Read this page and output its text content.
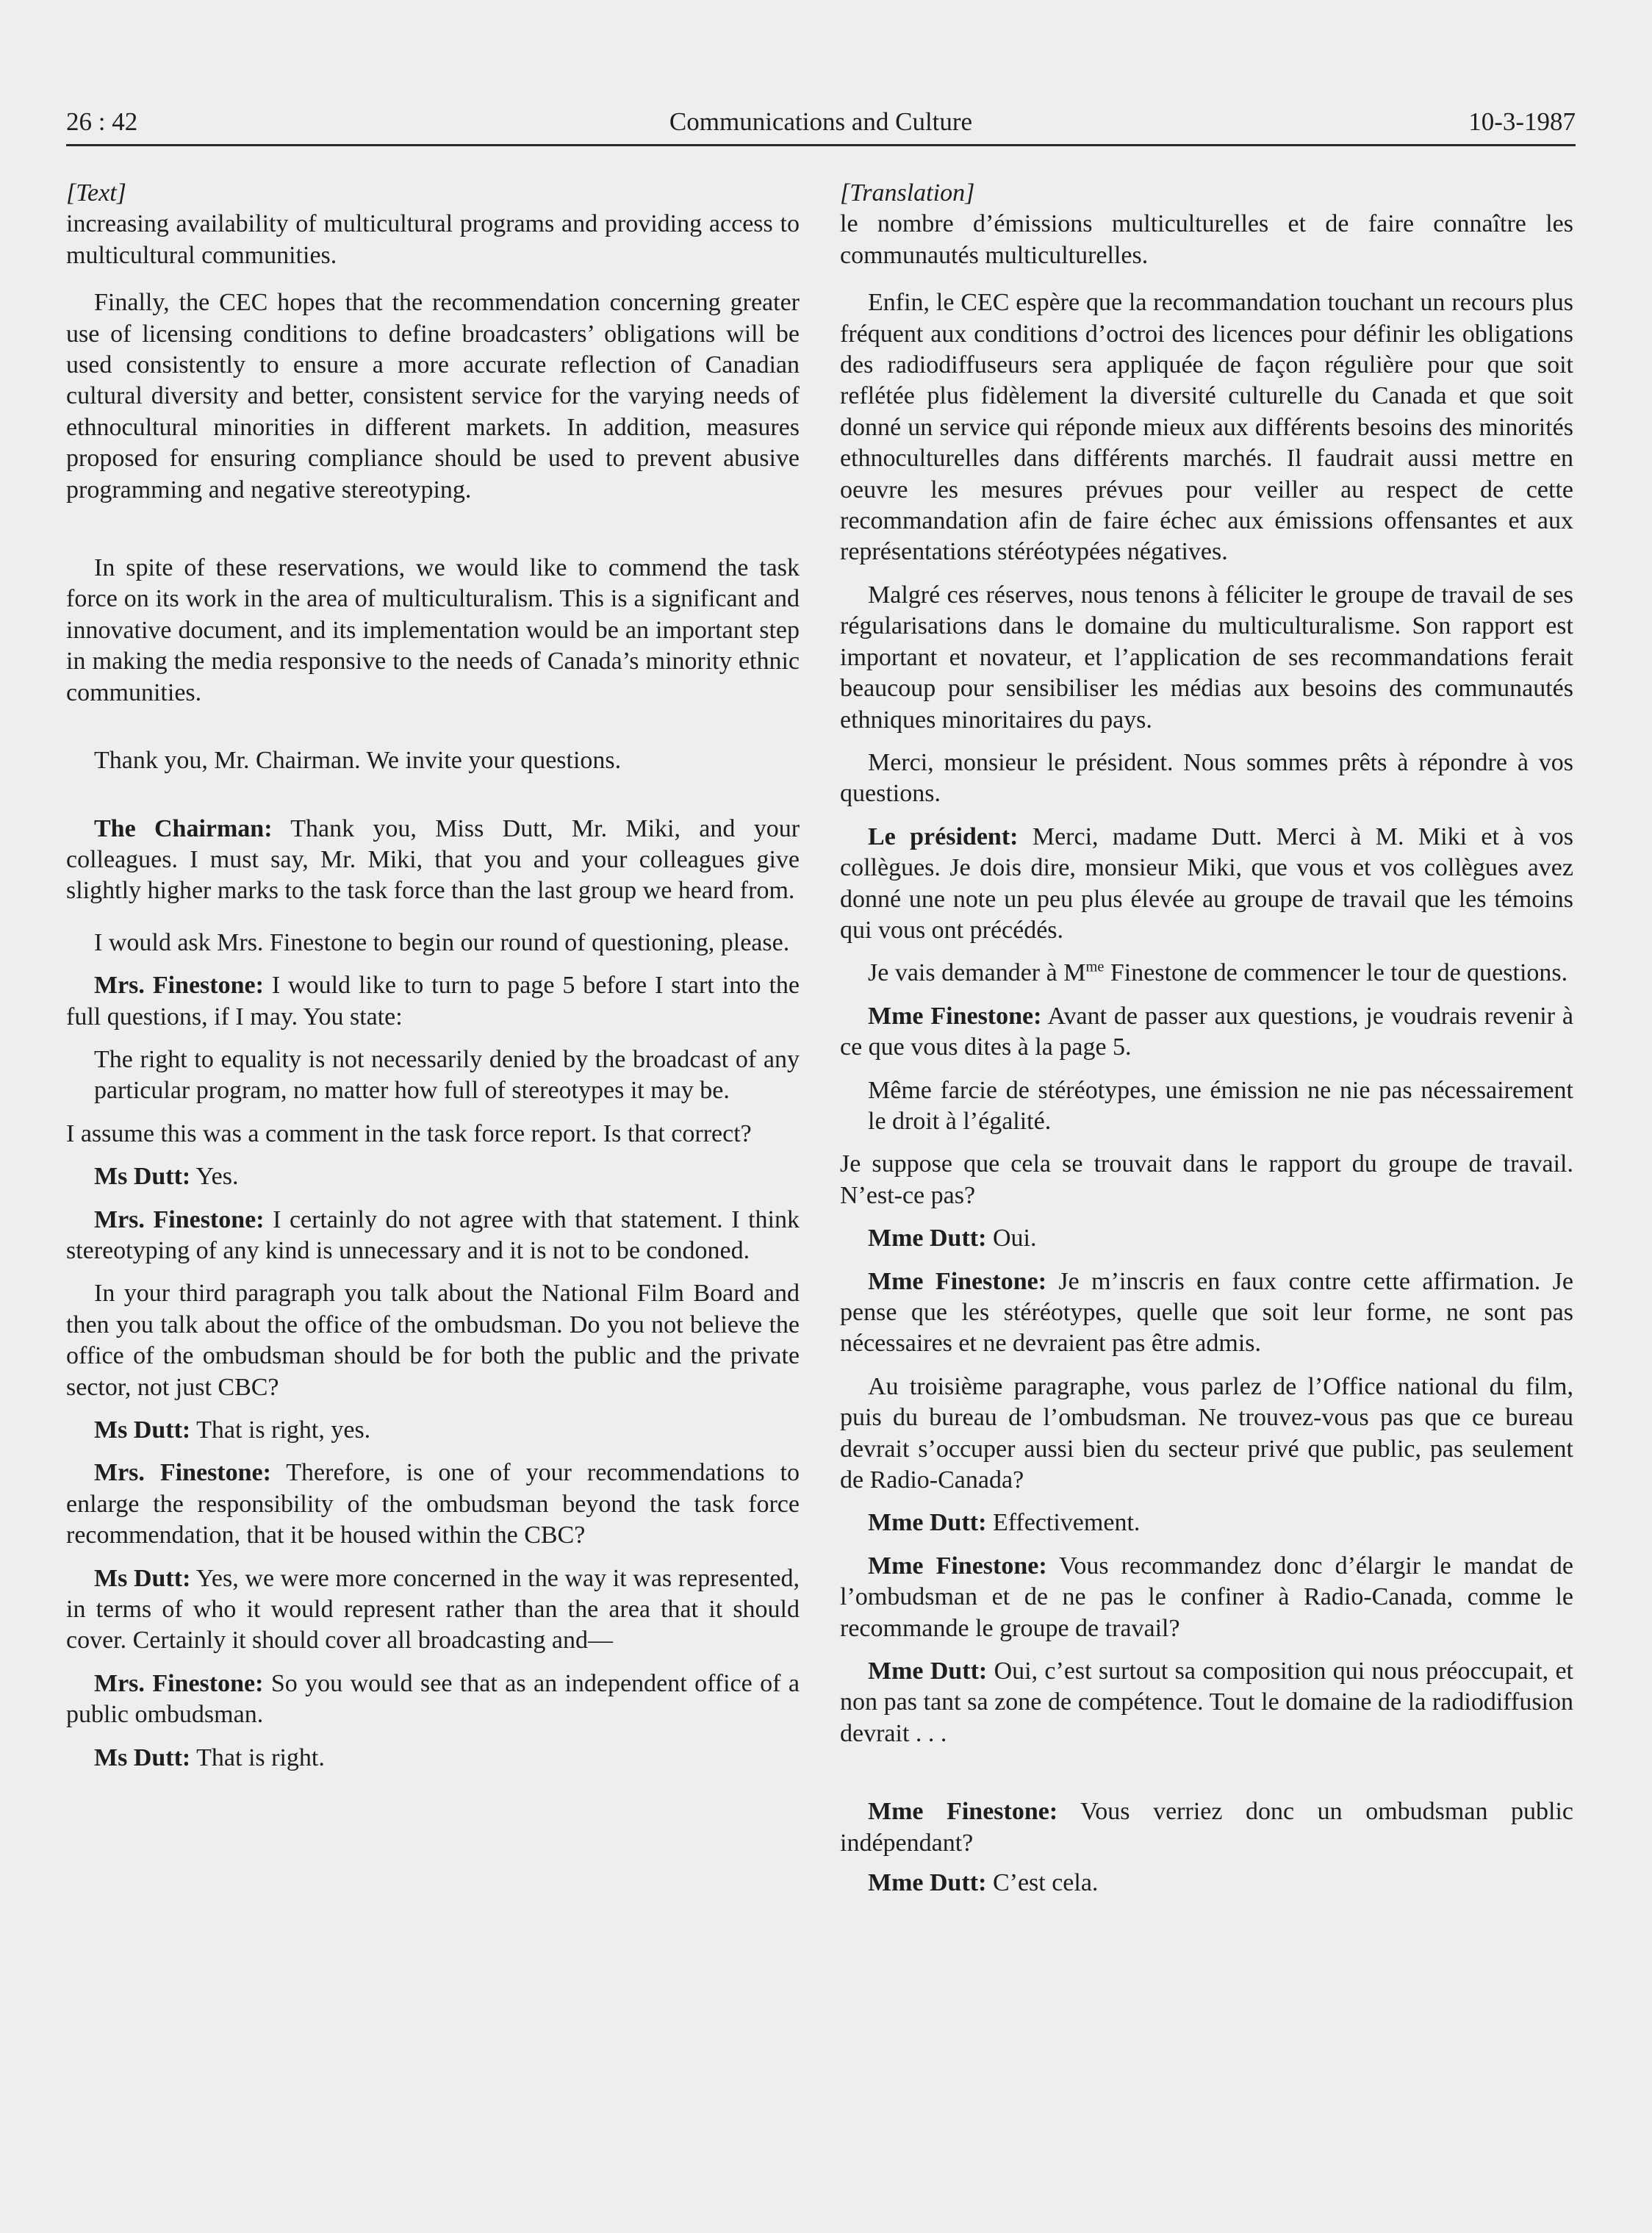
26 : 42	Communications and Culture	10-3-1987

[Text]

increasing availability of multicultural programs and providing access to multicultural communities.

Finally, the CEC hopes that the recommendation concerning greater use of licensing conditions to define broadcasters’ obligations will be used consistently to ensure a more accurate reflection of Canadian cultural diversity and better, consistent service for the varying needs of ethnocultural minorities in different markets. In addition, measures proposed for ensuring compliance should be used to prevent abusive programming and negative stereotyping.

In spite of these reservations, we would like to commend the task force on its work in the area of multiculturalism. This is a significant and innovative document, and its implementation would be an important step in making the media responsive to the needs of Canada’s minority ethnic communities.

Thank you, Mr. Chairman. We invite your questions.

The Chairman: Thank you, Miss Dutt, Mr. Miki, and your colleagues. I must say, Mr. Miki, that you and your colleagues give slightly higher marks to the task force than the last group we heard from.

I would ask Mrs. Finestone to begin our round of questioning, please.

Mrs. Finestone: I would like to turn to page 5 before I start into the full questions, if I may. You state:

The right to equality is not necessarily denied by the broadcast of any particular program, no matter how full of stereotypes it may be.

I assume this was a comment in the task force report. Is that correct?

Ms Dutt: Yes.

Mrs. Finestone: I certainly do not agree with that statement. I think stereotyping of any kind is unnecessary and it is not to be condoned.

In your third paragraph you talk about the National Film Board and then you talk about the office of the ombudsman. Do you not believe the office of the ombudsman should be for both the public and the private sector, not just CBC?

Ms Dutt: That is right, yes.

Mrs. Finestone: Therefore, is one of your recommendations to enlarge the responsibility of the ombudsman beyond the task force recommendation, that it be housed within the CBC?

Ms Dutt: Yes, we were more concerned in the way it was represented, in terms of who it would represent rather than the area that it should cover. Certainly it should cover all broadcasting and—

Mrs. Finestone: So you would see that as an independent office of a public ombudsman.

Ms Dutt: That is right.

[Translation]

le nombre d’émissions multiculturelles et de faire connaître les communautés multiculturelles.

Enfin, le CEC espère que la recommandation touchant un recours plus fréquent aux conditions d’octroi des licences pour définir les obligations des radiodiffuseurs sera appliquée de façon régulière pour que soit reflétée plus fidèlement la diversité culturelle du Canada et que soit donné un service qui réponde mieux aux différents besoins des minorités ethnoculturelles dans différents marchés. Il faudrait aussi mettre en oeuvre les mesures prévues pour veiller au respect de cette recommandation afin de faire échec aux émissions offensantes et aux représentations stéréotypées négatives.

Malgré ces réserves, nous tenons à féliciter le groupe de travail de ses régularisations dans le domaine du multiculturalisme. Son rapport est important et novateur, et l’application de ses recommandations ferait beaucoup pour sensibiliser les médias aux besoins des communautés ethniques minoritaires du pays.

Merci, monsieur le président. Nous sommes prêts à répondre à vos questions.

Le président: Merci, madame Dutt. Merci à M. Miki et à vos collègues. Je dois dire, monsieur Miki, que vous et vos collègues avez donné une note un peu plus élevée au groupe de travail que les témoins qui vous ont précédés.

Je vais demander à $M^{me}$ Finestone de commencer le tour de questions.

Mme Finestone: Avant de passer aux questions, je voudrais revenir à ce que vous dites à la page 5.

Même farcie de stéréotypes, une émission ne nie pas nécessairement le droit à l’égalité.

Je suppose que cela se trouvait dans le rapport du groupe de travail. N’est-ce pas?

Mme Dutt: Oui.

Mme Finestone: Je m’inscris en faux contre cette affirmation. Je pense que les stéréotypes, quelle que soit leur forme, ne sont pas nécessaires et ne devraient pas être admis.

Au troisième paragraphe, vous parlez de l’Office national du film, puis du bureau de l’ombudsman. Ne trouvez-vous pas que ce bureau devrait s’occuper aussi bien du secteur privé que public, pas seulement de Radio-Canada?

Mme Dutt: Effectivement.

Mme Finestone: Vous recommandez donc d’élargir le mandat de l’ombudsman et de ne pas le confiner à Radio-Canada, comme le recommande le groupe de travail?

Mme Dutt: Oui, c’est surtout sa composition qui nous préoccupait, et non pas tant sa zone de compétence. Tout le domaine de la radiodiffusion devrait . . .

Mme Finestone: Vous verriez donc un ombudsman public indépendant?

Mme Dutt: C’est cela.
